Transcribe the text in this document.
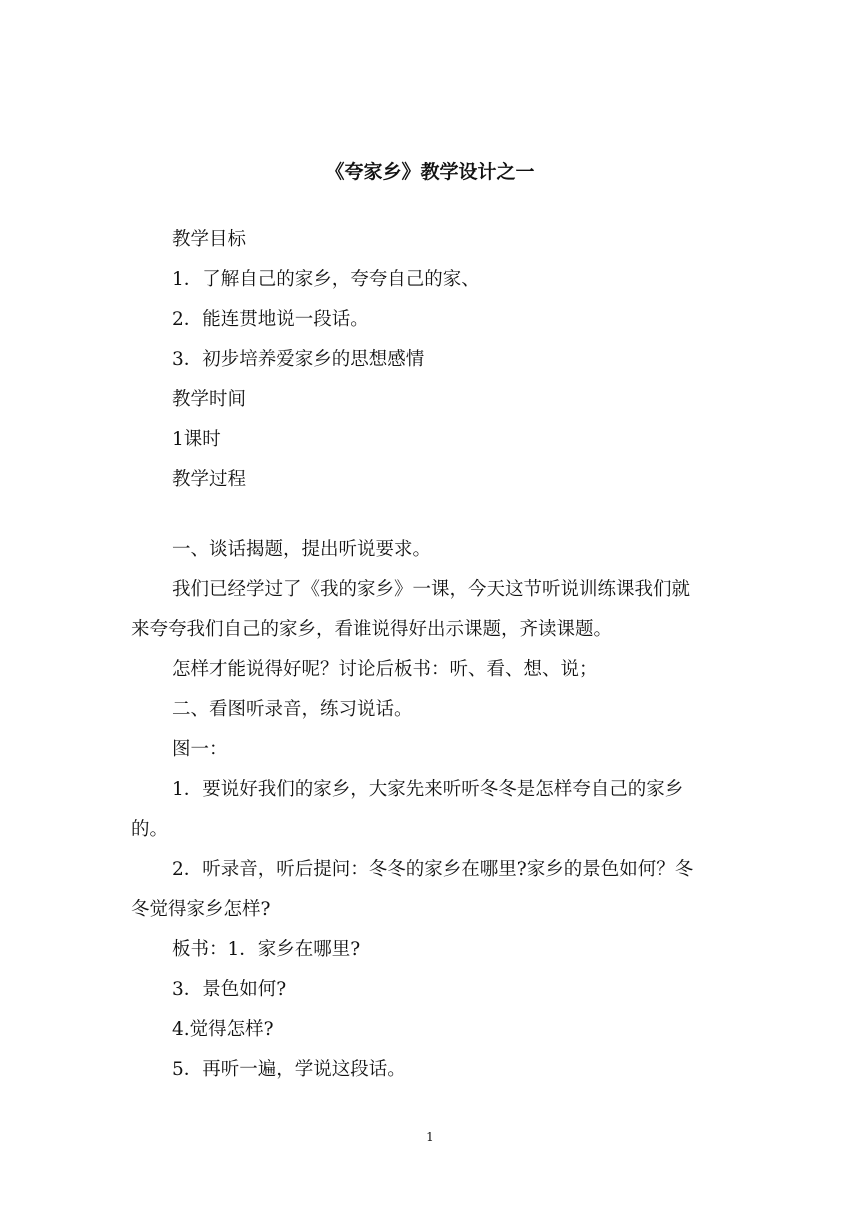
《夸家乡》教学设计之一

教学目标

1．了解自己的家乡，夸夸自己的家、

2．能连贯地说一段话。

3．初步培养爱家乡的思想感情

教学时间

1课时

教学过程

一、谈话揭题，提出听说要求。

我们已经学过了《我的家乡》一课，今天这节听说训练课我们就

来夸夸我们自己的家乡，看谁说得好出示课题，齐读课题。

怎样才能说得好呢？讨论后板书：听、看、想、说；

二、看图听录音，练习说话。

图一：

1．要说好我们的家乡，大家先来听听冬冬是怎样夸自己的家乡

的。

2．听录音，听后提问：冬冬的家乡在哪里?家乡的景色如何？冬

冬觉得家乡怎样?

板书：1．家乡在哪里?

3．景色如何?

4.觉得怎样?

5．再听一遍，学说这段话。

1
